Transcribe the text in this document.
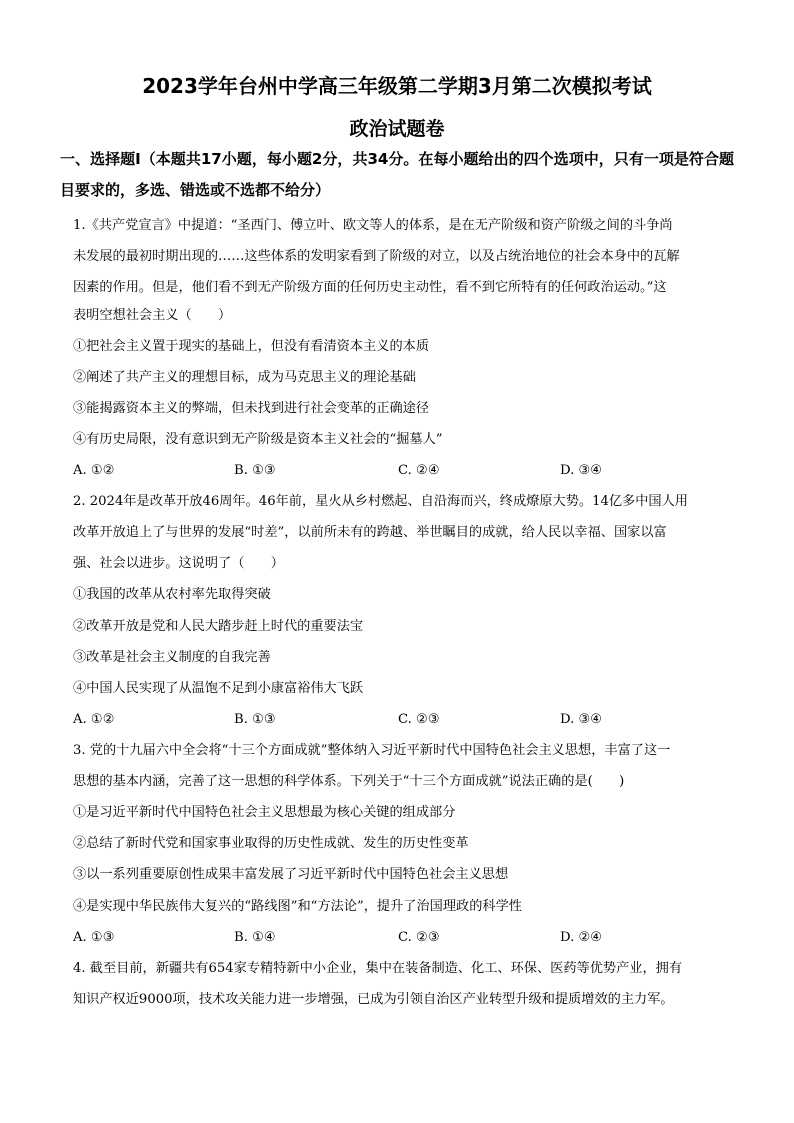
2023学年台州中学高三年级第二学期3月第二次模拟考试
政治试题卷
一、选择题Ⅰ（本题共17小题，每小题2分，共34分。在每小题给出的四个选项中，只有一项是符合题目要求的，多选、错选或不选都不给分）
1.《共产党宣言》中提道：“圣西门、傅立叶、欧文等人的体系，是在无产阶级和资产阶级之间的斗争尚
未发展的最初时期出现的……这些体系的发明家看到了阶级的对立，以及占统治地位的社会本身中的瓦解
因素的作用。但是，他们看不到无产阶级方面的任何历史主动性，看不到它所特有的任何政治运动。”这
表明空想社会主义（　　）
①把社会主义置于现实的基础上，但没有看清资本主义的本质
②阐述了共产主义的理想目标，成为马克思主义的理论基础
③能揭露资本主义的弊端，但未找到进行社会变革的正确途径
④有历史局限，没有意识到无产阶级是资本主义社会的“掘墓人”
A. ①②	B. ①③	C. ②④	D. ③④
2. 2024年是改革开放46周年。46年前，星火从乡村燃起、自沿海而兴，终成燎原大势。14亿多中国人用
改革开放追上了与世界的发展“时差”，以前所未有的跨越、举世瞩目的成就，给人民以幸福、国家以富
强、社会以进步。这说明了（　　）
①我国的改革从农村率先取得突破
②改革开放是党和人民大踏步赶上时代的重要法宝
③改革是社会主义制度的自我完善
④中国人民实现了从温饱不足到小康富裕伟大飞跃
A. ①②	B. ①③	C. ②③	D. ③④
3. 党的十九届六中全会将“十三个方面成就”整体纳入习近平新时代中国特色社会主义思想，丰富了这一
思想的基本内涵，完善了这一思想的科学体系。下列关于“十三个方面成就”说法正确的是(　　)
①是习近平新时代中国特色社会主义思想最为核心关键的组成部分
②总结了新时代党和国家事业取得的历史性成就、发生的历史性变革
③以一系列重要原创性成果丰富发展了习近平新时代中国特色社会主义思想
④是实现中华民族伟大复兴的“路线图”和“方法论”，提升了治国理政的科学性
A. ①③	B. ①④	C. ②③	D. ②④
4. 截至目前，新疆共有654家专精特新中小企业，集中在装备制造、化工、环保、医药等优势产业，拥有
知识产权近9000项，技术攻关能力进一步增强，已成为引领自治区产业转型升级和提质增效的主力军。
